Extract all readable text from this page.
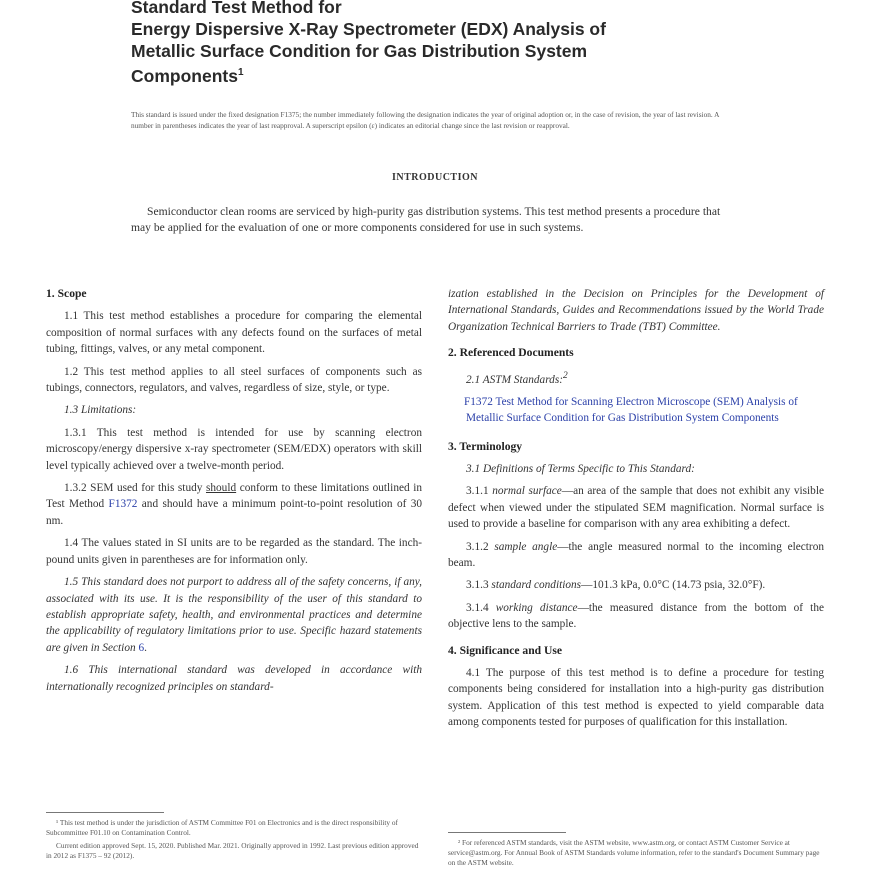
Standard Test Method for
Energy Dispersive X-Ray Spectrometer (EDX) Analysis of
Metallic Surface Condition for Gas Distribution System
Components$^1$
This standard is issued under the fixed designation F1375; the number immediately following the designation indicates the year of original adoption or, in the case of revision, the year of last revision. A number in parentheses indicates the year of last reapproval. A superscript epsilon (ε) indicates an editorial change since the last revision or reapproval.
INTRODUCTION
Semiconductor clean rooms are serviced by high-purity gas distribution systems. This test method presents a procedure that may be applied for the evaluation of one or more components considered for use in such systems.
1. Scope

1.1 This test method establishes a procedure for comparing the elemental composition of normal surfaces with any defects found on the surfaces of metal tubing, fittings, valves, or any metal component.

1.2 This test method applies to all steel surfaces of components such as tubings, connectors, regulators, and valves, regardless of size, style, or type.

1.3 Limitations:

1.3.1 This test method is intended for use by scanning electron microscopy/energy dispersive x-ray spectrometer (SEM/EDX) operators with skill level typically achieved over a twelve-month period.

1.3.2 SEM used for this study should conform to these limitations outlined in Test Method F1372 and should have a minimum point-to-point resolution of 30 nm.

1.4 The values stated in SI units are to be regarded as the standard. The inch-pound units given in parentheses are for information only.

1.5 This standard does not purport to address all of the safety concerns, if any, associated with its use. It is the responsibility of the user of this standard to establish appropriate safety, health, and environmental practices and determine the applicability of regulatory limitations prior to use. Specific hazard statements are given in Section 6.

1.6 This international standard was developed in accordance with internationally recognized principles on standard-

ization established in the Decision on Principles for the Development of International Standards, Guides and Recommendations issued by the World Trade Organization Technical Barriers to Trade (TBT) Committee.

2. Referenced Documents

2.1 ASTM Standards:$^2$

F1372 Test Method for Scanning Electron Microscope (SEM) Analysis of Metallic Surface Condition for Gas Distribution System Components

3. Terminology

3.1 Definitions of Terms Specific to This Standard:

3.1.1 normal surface—an area of the sample that does not exhibit any visible defect when viewed under the stipulated SEM magnification. Normal surface is used to provide a baseline for comparison with any area exhibiting a defect.

3.1.2 sample angle—the angle measured normal to the incoming electron beam.

3.1.3 standard conditions—101.3 kPa, 0.0°C (14.73 psia, 32.0°F).

3.1.4 working distance—the measured distance from the bottom of the objective lens to the sample.

4. Significance and Use

4.1 The purpose of this test method is to define a procedure for testing components being considered for installation into a high-purity gas distribution system. Application of this test method is expected to yield comparable data among components tested for purposes of qualification for this installation.

¹ This test method is under the jurisdiction of ASTM Committee F01 on Electronics and is the direct responsibility of Subcommittee F01.10 on Contamination Control.

Current edition approved Sept. 15, 2020. Published Mar. 2021. Originally approved in 1992. Last previous edition approved in 2012 as F1375 – 92 (2012).

² For referenced ASTM standards, visit the ASTM website, www.astm.org, or contact ASTM Customer Service at service@astm.org. For Annual Book of ASTM Standards volume information, refer to the standard's Document Summary page on the ASTM website.
